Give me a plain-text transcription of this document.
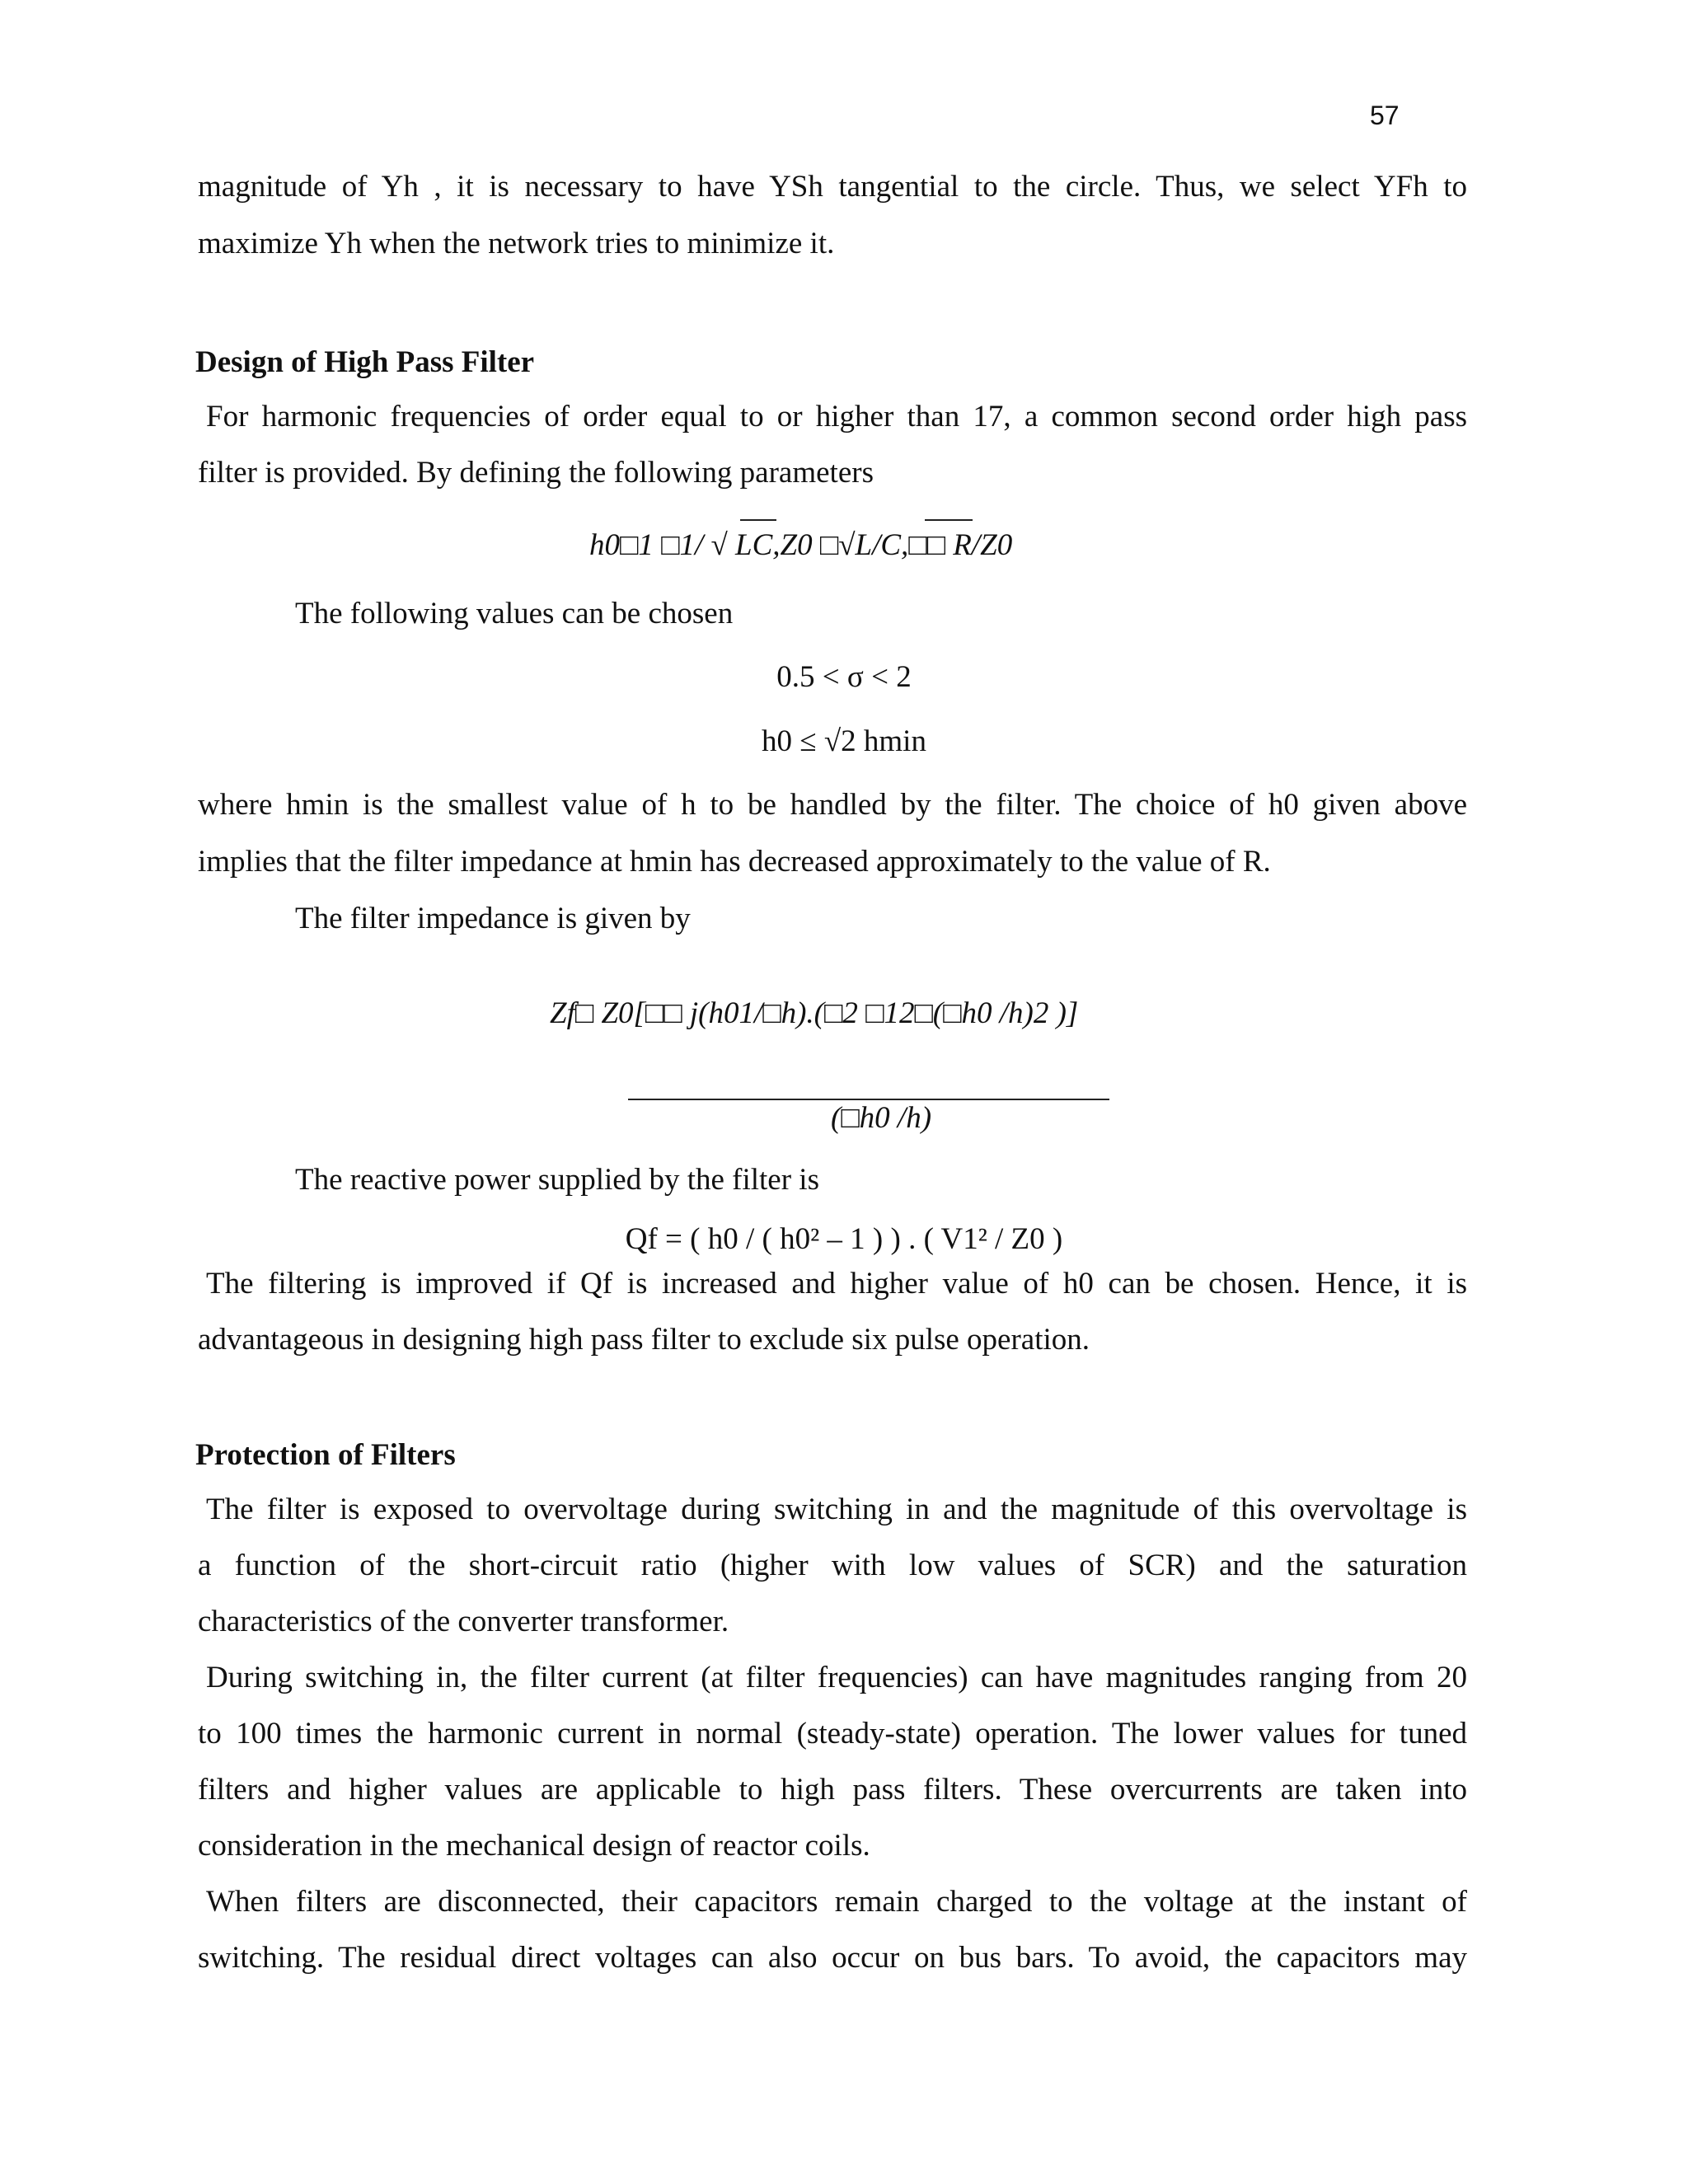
57
magnitude of Yh , it is necessary to have YSh tangential to the circle. Thus, we select YFh to
maximize Yh when the network tries to minimize it.
Design of High Pass Filter
For harmonic frequencies of order equal to or higher than 17, a common second order high pass
filter is provided. By defining the following parameters
h0□1 □1/ √ LC,Z0 □√L/C,□□ R/Z0
The following values can be chosen
0.5 < σ < 2
h0 ≤ √2 hmin
where hmin is the smallest value of h to be handled by the filter. The choice of h0 given above
implies that the filter impedance at hmin has decreased approximately to the value of R.
The filter impedance is given by
Zf□ Z0[□□ j(h01/□h).(□2 □12□(□h0 /h)2 )]
(□h0 /h)
The reactive power supplied by the filter is
Qf = ( h0 / ( h0² – 1 ) ) . ( V1² / Z0 )
The filtering is improved if Qf is increased and higher value of h0 can be chosen. Hence, it is
advantageous in designing high pass filter to exclude six pulse operation.
Protection of Filters
The filter is exposed to overvoltage during switching in and the magnitude of this overvoltage is
a function of the short-circuit ratio (higher with low values of SCR) and the saturation
characteristics of the converter transformer.
During switching in, the filter current (at filter frequencies) can have magnitudes ranging from 20
to 100 times the harmonic current in normal (steady-state) operation. The lower values for tuned
filters and higher values are applicable to high pass filters. These overcurrents are taken into
consideration in the mechanical design of reactor coils.
When filters are disconnected, their capacitors remain charged to the voltage at the instant of
switching. The residual direct voltages can also occur on bus bars. To avoid, the capacitors may
